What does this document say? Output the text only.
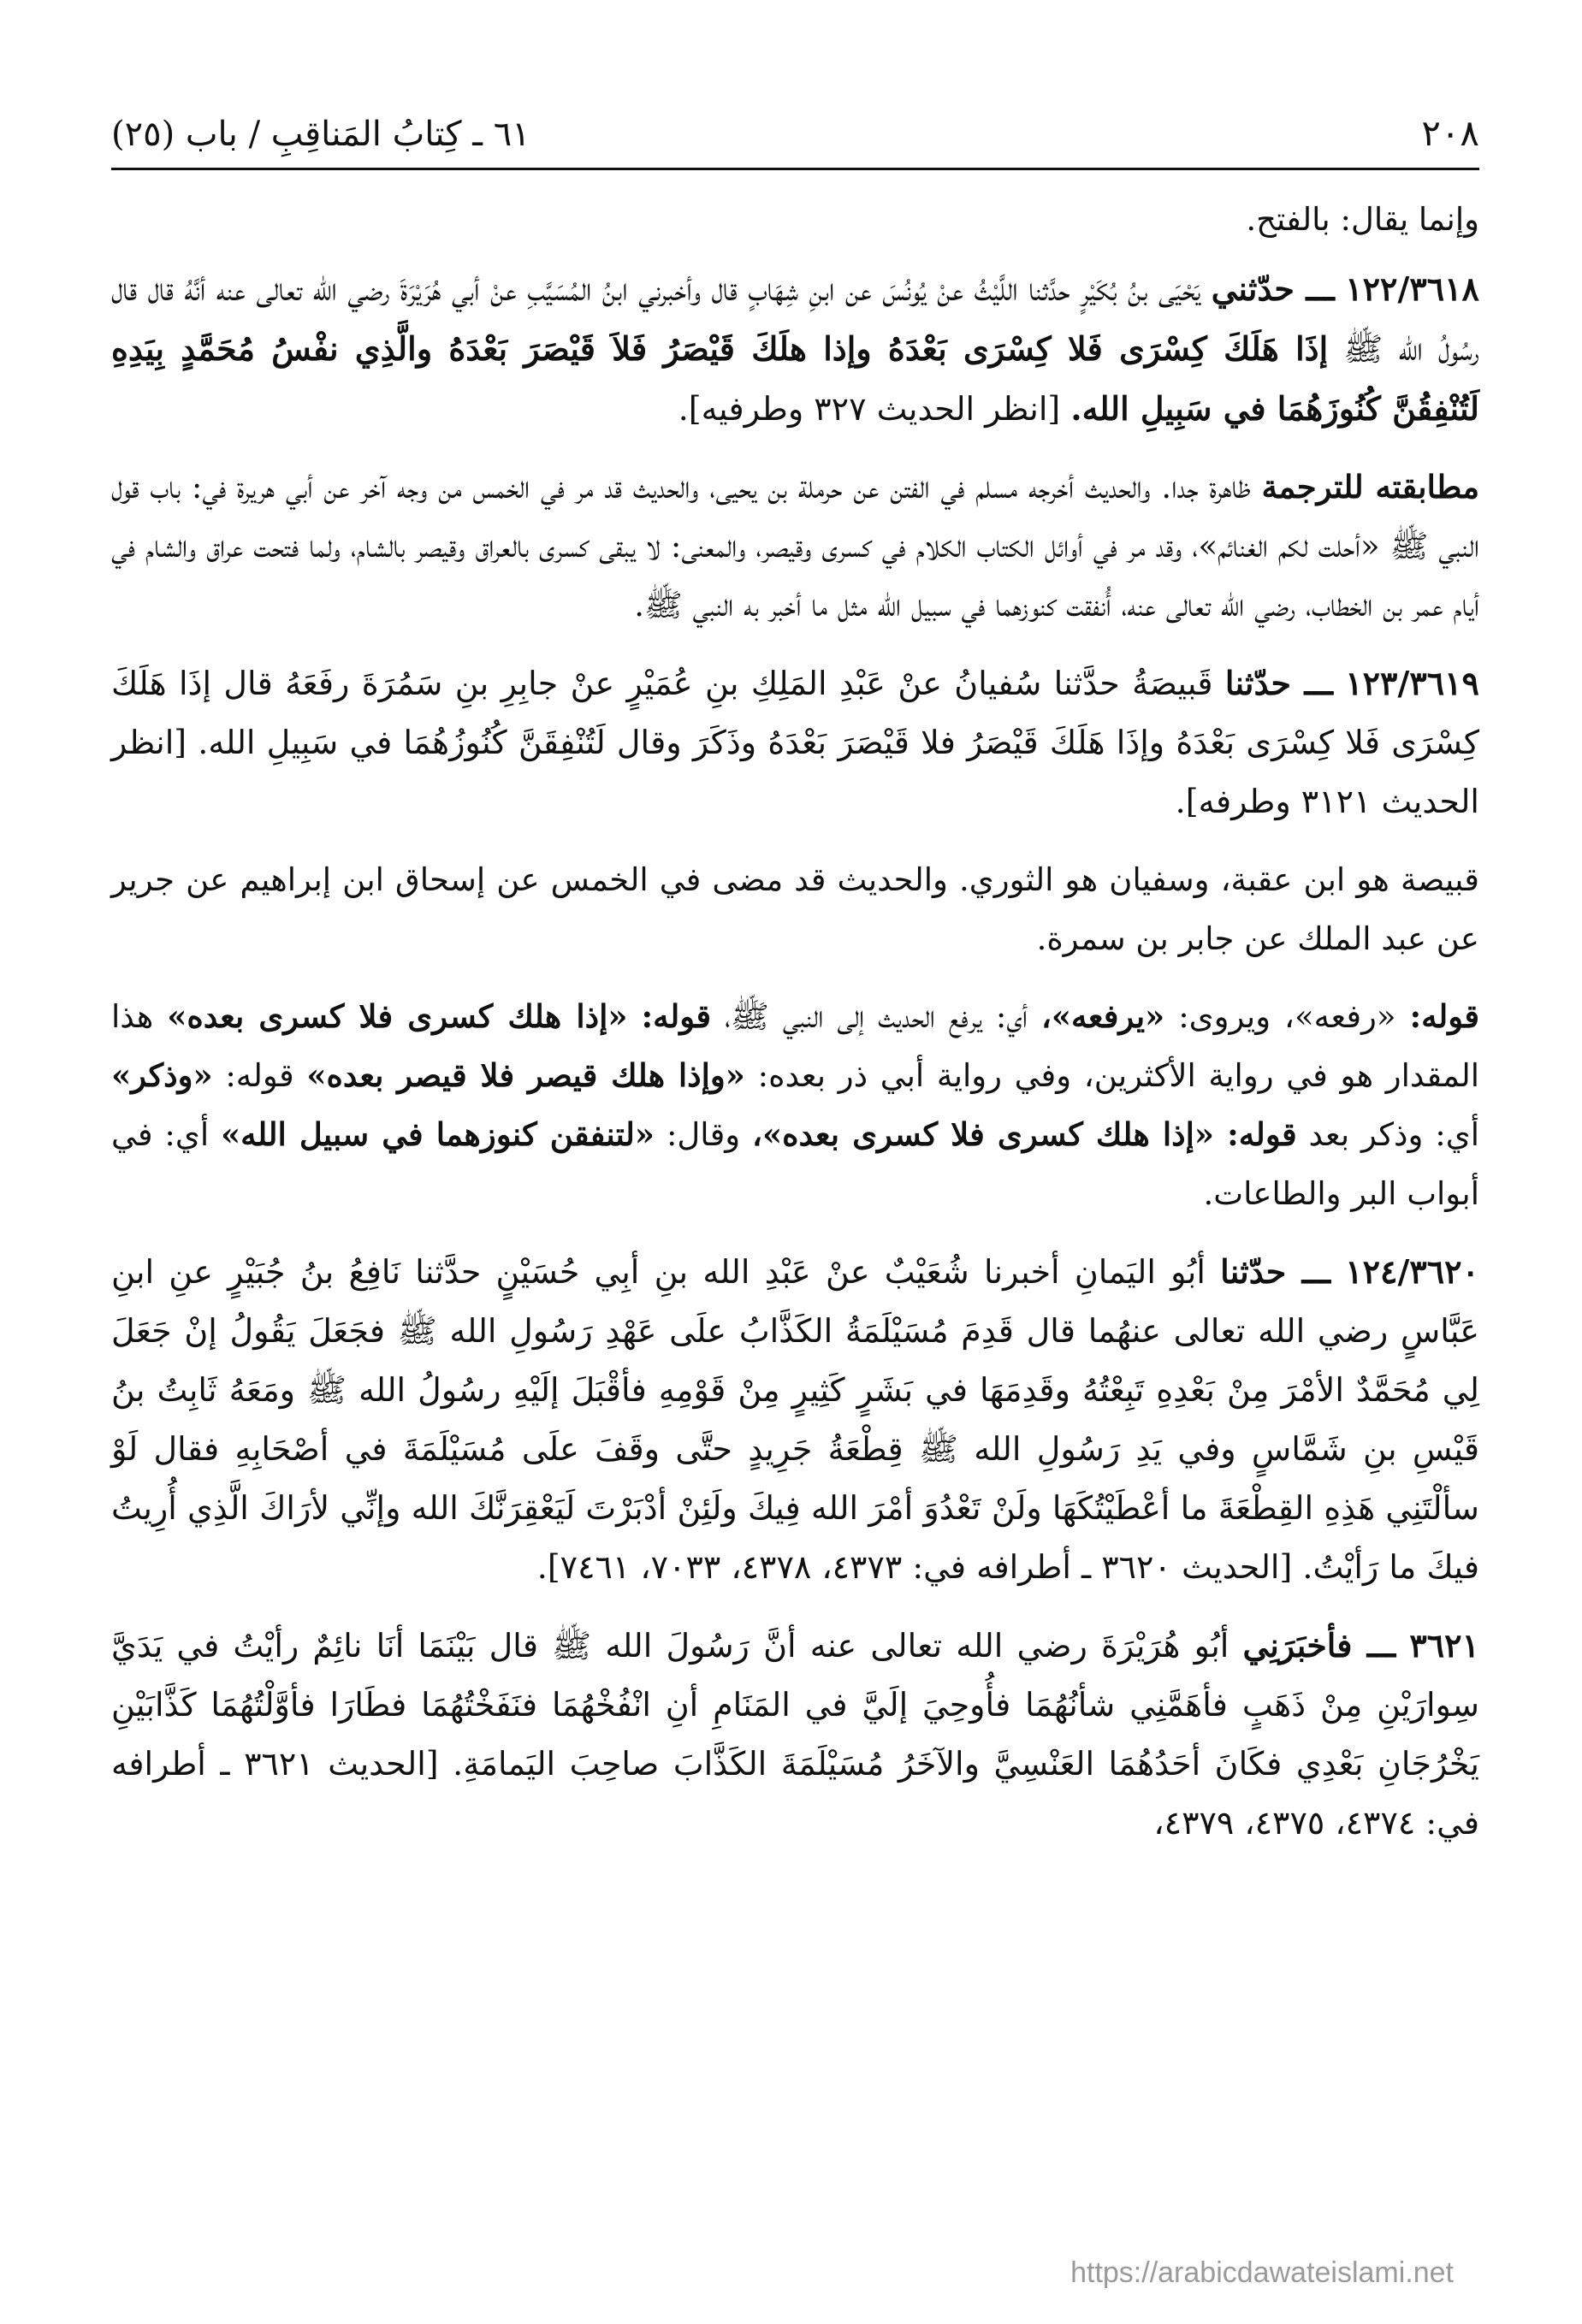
٢٠٨
٦١ ـ كِتابُ المَناقِبِ / باب (٢٥)

وإنما يقال: بالفتح.

١٢٢/٣٦١٨ ـــ حدّثني يَحْيَى بنُ بُكَيْرٍ حدَّثنا اللَّيْثُ عنْ يُونُسَ عن ابنِ شِهَابٍ قال وأخبرني ابنُ المُسَيَّبِ عنْ أبي هُرَيْرَةَ رضي الله تعالى عنه أنَّهُ قال قال رسُولُ الله ﷺ إذَا هَلَكَ كِسْرَى فَلا كِسْرَى بَعْدَهُ وإذا هلَكَ قَيْصَرُ فَلاَ قَيْصَرَ بَعْدَهُ والَّذِي نفْسُ مُحَمَّدٍ بِيَدِهِ لَتُنْفِقُنَّ كُنُوزَهُمَا في سَبِيلِ الله. [انظر الحديث ٣٢٧ وطرفيه].

مطابقته للترجمة ظاهرة جدا. والحديث أخرجه مسلم في الفتن عن حرملة بن يحيى، والحديث قد مر في الخمس من وجه آخر عن أبي هريرة في: باب قول النبي ﷺ «أحلت لكم الغنائم»، وقد مر في أوائل الكتاب الكلام في كسرى وقيصر، والمعنى: لا يبقى كسرى بالعراق وقيصر بالشام، ولما فتحت عراق والشام في أيام عمر بن الخطاب، رضي الله تعالى عنه، أُنفقت كنوزهما في سبيل الله مثل ما أخبر به النبي ﷺ.

١٢٣/٣٦١٩ ـــ حدّثنا قَبيصَةُ حدَّثنا سُفيانُ عنْ عَبْدِ المَلِكِ بنِ عُمَيْرٍ عنْ جابِرِ بنِ سَمُرَةَ رفَعَهُ قال إذَا هَلَكَ كِسْرَى فَلا كِسْرَى بَعْدَهُ وإذَا هَلَكَ قَيْصَرُ فلا قَيْصَرَ بَعْدَهُ وذَكَرَ وقال لَتُنْفِقَنَّ كُنُوزُهُمَا في سَبِيلِ الله. [انظر الحديث ٣١٢١ وطرفه].

قبيصة هو ابن عقبة، وسفيان هو الثوري. والحديث قد مضى في الخمس عن إسحاق ابن إبراهيم عن جرير عن عبد الملك عن جابر بن سمرة.

قوله: «رفعه»، ويروى: «يرفعه»، أي: يرفع الحديث إلى النبي ﷺ، قوله: «إذا هلك كسرى فلا كسرى بعده» هذا المقدار هو في رواية الأكثرين، وفي رواية أبي ذر بعده: «وإذا هلك قيصر فلا قيصر بعده» قوله: «وذكر» أي: وذكر بعد قوله: «إذا هلك كسرى فلا كسرى بعده»، وقال: «لتنفقن كنوزهما في سبيل الله» أي: في أبواب البر والطاعات.

١٢٤/٣٦٢٠ ـــ حدّثنا أبُو اليَمانِ أخبرنا شُعَيْبٌ عنْ عَبْدِ الله بنِ أبِي حُسَيْنٍ حدَّثنا نَافِعُ بنُ جُبَيْرٍ عنِ ابنِ عَبَّاسٍ رضي الله تعالى عنهُما قال قَدِمَ مُسَيْلَمَةُ الكَذَّابُ علَى عَهْدِ رَسُولِ الله ﷺ فجَعَلَ يَقُولُ إنْ جَعَلَ لِي مُحَمَّدٌ الأمْرَ مِنْ بَعْدِهِ تَبِعْتُهُ وقَدِمَهَا في بَشَرٍ كَثِيرٍ مِنْ قَوْمِهِ فأقْبَلَ إلَيْهِ رسُولُ الله ﷺ ومَعَهُ ثَابِتُ بنُ قَيْسِ بنِ شَمَّاسٍ وفي يَدِ رَسُولِ الله ﷺ قِطْعَةُ جَرِيدٍ حتَّى وقَفَ علَى مُسَيْلَمَةَ في أصْحَابِهِ فقال لَوْ سألْتَنِي هَذِهِ القِطْعَةَ ما أعْطَيْتُكَهَا ولَنْ تَعْدُوَ أمْرَ الله فِيكَ ولَئِنْ أدْبَرْتَ لَيَعْقِرَنَّكَ الله وإنِّي لأرَاكَ الَّذِي أُرِيتُ فيكَ ما رَأيْتُ. [الحديث ٣٦٢٠ ـ أطرافه في: ٤٣٧٣، ٤٣٧٨، ٧٠٣٣، ٧٤٦١].

٣٦٢١ ـــ فأخبَرَنِي أبُو هُرَيْرَةَ رضي الله تعالى عنه أنَّ رَسُولَ الله ﷺ قال بَيْنَمَا أنَا نائِمٌ رأيْتُ في يَدَيَّ سِوارَيْنِ مِنْ ذَهَبٍ فأهَمَّنِي شأنُهُمَا فأُوحِيَ إلَيَّ في المَنَامِ أنِ انْفُخْهُمَا فنَفَخْتُهُمَا فطَارَا فأوَّلْتُهُمَا كَذَّابَيْنِ يَخْرُجَانِ بَعْدِي فكَانَ أحَدُهُمَا العَنْسِيَّ والآخَرُ مُسَيْلَمَةَ الكَذَّابَ صاحِبَ اليَمامَةِ. [الحديث ٣٦٢١ ـ أطرافه في: ٤٣٧٤، ٤٣٧٥، ٤٣٧٩،

https://arabicdawateislami.net
